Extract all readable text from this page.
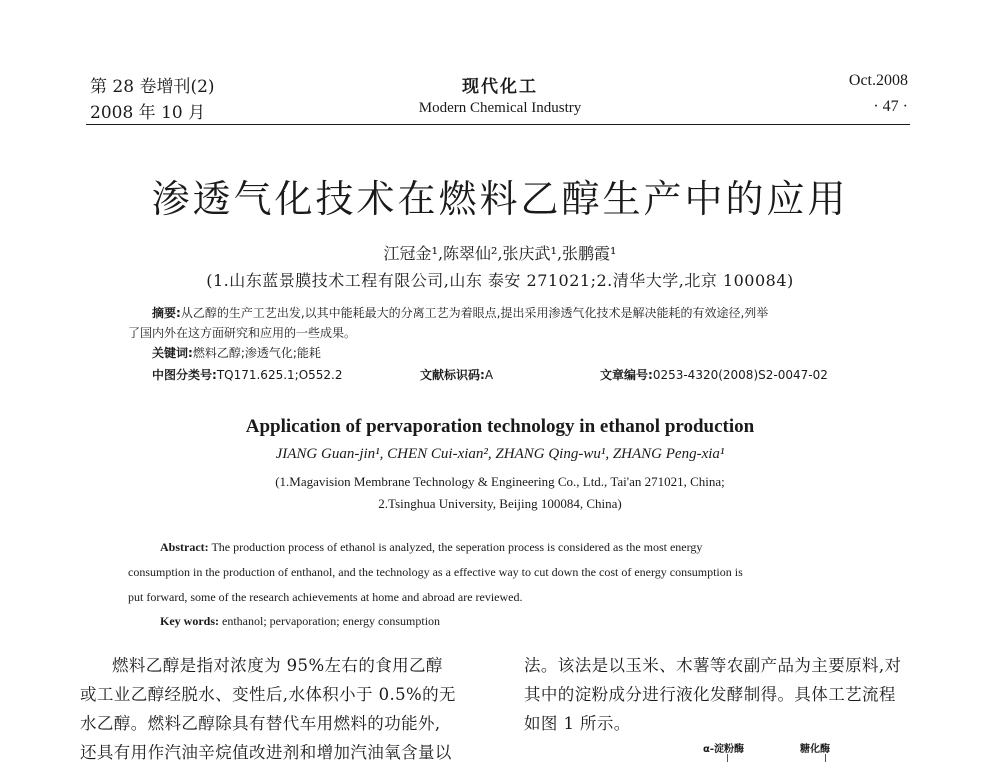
第 28 卷增刊(2)
2008 年 10 月
现代化工
Modern Chemical Industry
Oct.2008
· 47 ·
渗透气化技术在燃料乙醇生产中的应用
江冠金¹,陈翠仙²,张庆武¹,张鹏霞¹
(1.山东蓝景膜技术工程有限公司,山东 泰安 271021;2.清华大学,北京 100084)
摘要:从乙醇的生产工艺出发,以其中能耗最大的分离工艺为着眼点,提出采用渗透气化技术是解决能耗的有效途径,列举
了国内外在这方面研究和应用的一些成果。
关键词:燃料乙醇;渗透气化;能耗
中图分类号:TQ171.625.1;O552.2	文献标识码:A	文章编号:0253-4320(2008)S2-0047-02
Application of pervaporation technology in ethanol production
JIANG Guan-jin¹, CHEN Cui-xian², ZHANG Qing-wu¹, ZHANG Peng-xia¹
(1.Magavision Membrane Technology & Engineering Co., Ltd., Tai'an 271021, China;
2.Tsinghua University, Beijing 100084, China)
Abstract: The production process of ethanol is analyzed, the seperation process is considered as the most energy
consumption in the production of enthanol, and the technology as a effective way to cut down the cost of energy consumption is
put forward, some of the research achievements at home and abroad are reviewed.
Key words: enthanol; pervaporation; energy consumption
燃料乙醇是指对浓度为 95%左右的食用乙醇
或工业乙醇经脱水、变性后,水体积小于 0.5%的无
水乙醇。燃料乙醇除具有替代车用燃料的功能外,
还具有用作汽油辛烷值改进剂和增加汽油氧含量以
法。该法是以玉米、木薯等农副产品为主要原料,对
其中的淀粉成分进行液化发酵制得。具体工艺流程
如图 1 所示。
α-淀粉酶	糖化酶
